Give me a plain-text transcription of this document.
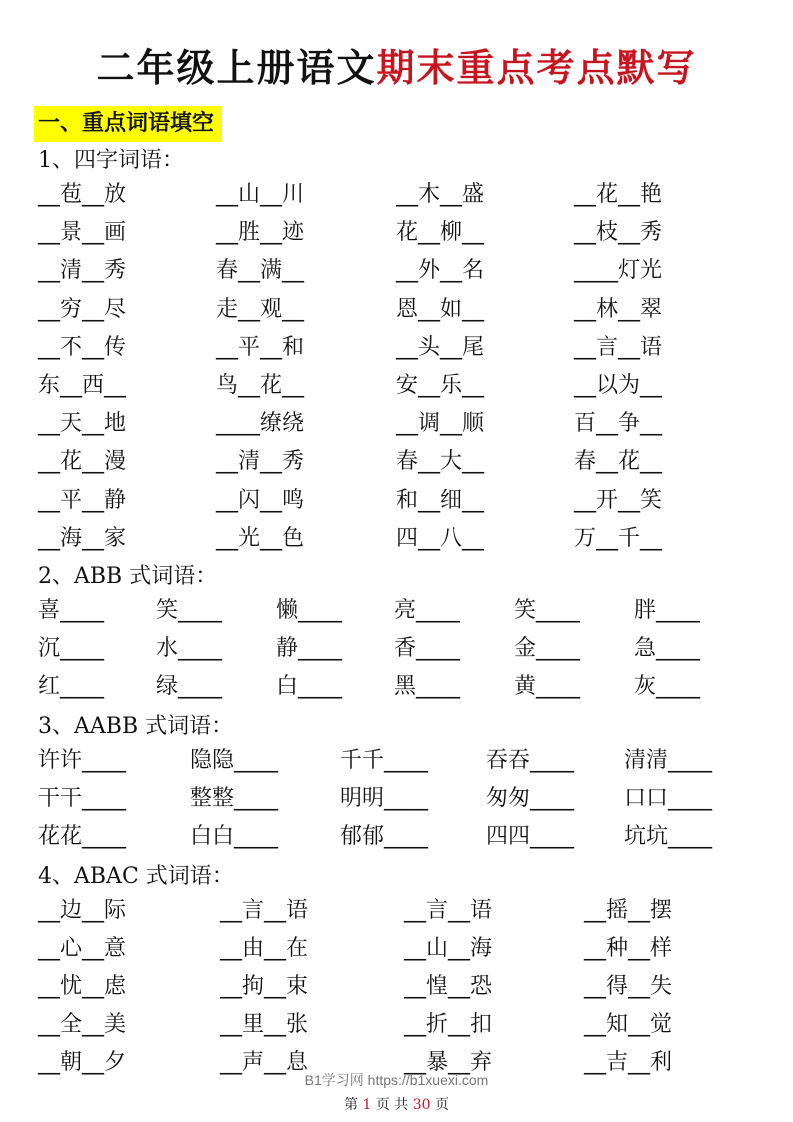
二年级上册语文期末重点考点默写
一、重点词语填空
1、四字词语：
__苞__放	__山__川	__木__盛	__花__艳
__景__画	__胜__迹	花__柳__	__枝__秀
__清__秀	春__满__	__外__名	____灯光
__穷__尽	走__观__	恩__如__	__林__翠
__不__传	__平__和	__头__尾	__言__语
东__西__	鸟__花__	安__乐__	__以为__
__天__地	____缭绕	__调__顺	百__争__
__花__漫	__清__秀	春__大__	春__花__
__平__静	__闪__鸣	和__细__	__开__笑
__海__家	__光__色	四__八__	万__千__
2、ABB 式词语：
喜____ 笑____ 懒____ 亮____ 笑____ 胖____
沉____ 水____ 静____ 香____ 金____ 急____
红____ 绿____ 白____ 黑____ 黄____ 灰____
3、AABB 式词语：
许许____	隐隐____	千千____	吞吞____ 清清____
干干____	整整____	明明____	匆匆____ 口口____
花花____	白白____	郁郁____	四四____ 坑坑____
4、ABAC 式词语：
__边__际	__言__语	__言__语	__摇__摆
__心__意	__由__在	__山__海	__种__样
__忧__虑	__拘__束	__惶__恐	__得__失
__全__美	__里__张	__折__扣	__知__觉
__朝__夕	__声__息	__暴__弃	__吉__利
B1学习网 https://b1xuexi.com
第 1 页 共 30 页
